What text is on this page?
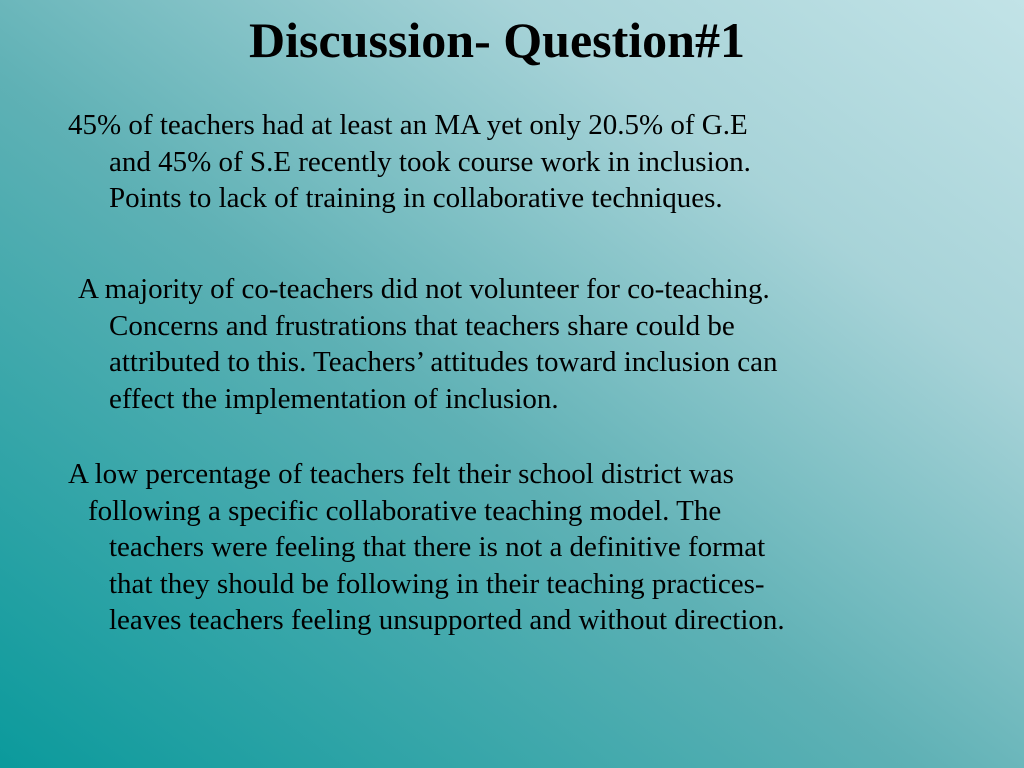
Discussion- Question#1

45% of teachers had at least an MA yet only 20.5% of G.E
and 45% of S.E recently took course work in inclusion.
Points to lack of training in collaborative techniques.

A majority of co-teachers did not volunteer for co-teaching.
Concerns and frustrations that teachers share could be
attributed to this. Teachers’ attitudes toward inclusion can
effect the implementation of inclusion.

A low percentage of teachers felt their school district was
following a specific collaborative teaching model. The
teachers were feeling that there is not a definitive format
that they should be following in their teaching practices-
leaves teachers feeling unsupported and without direction.
